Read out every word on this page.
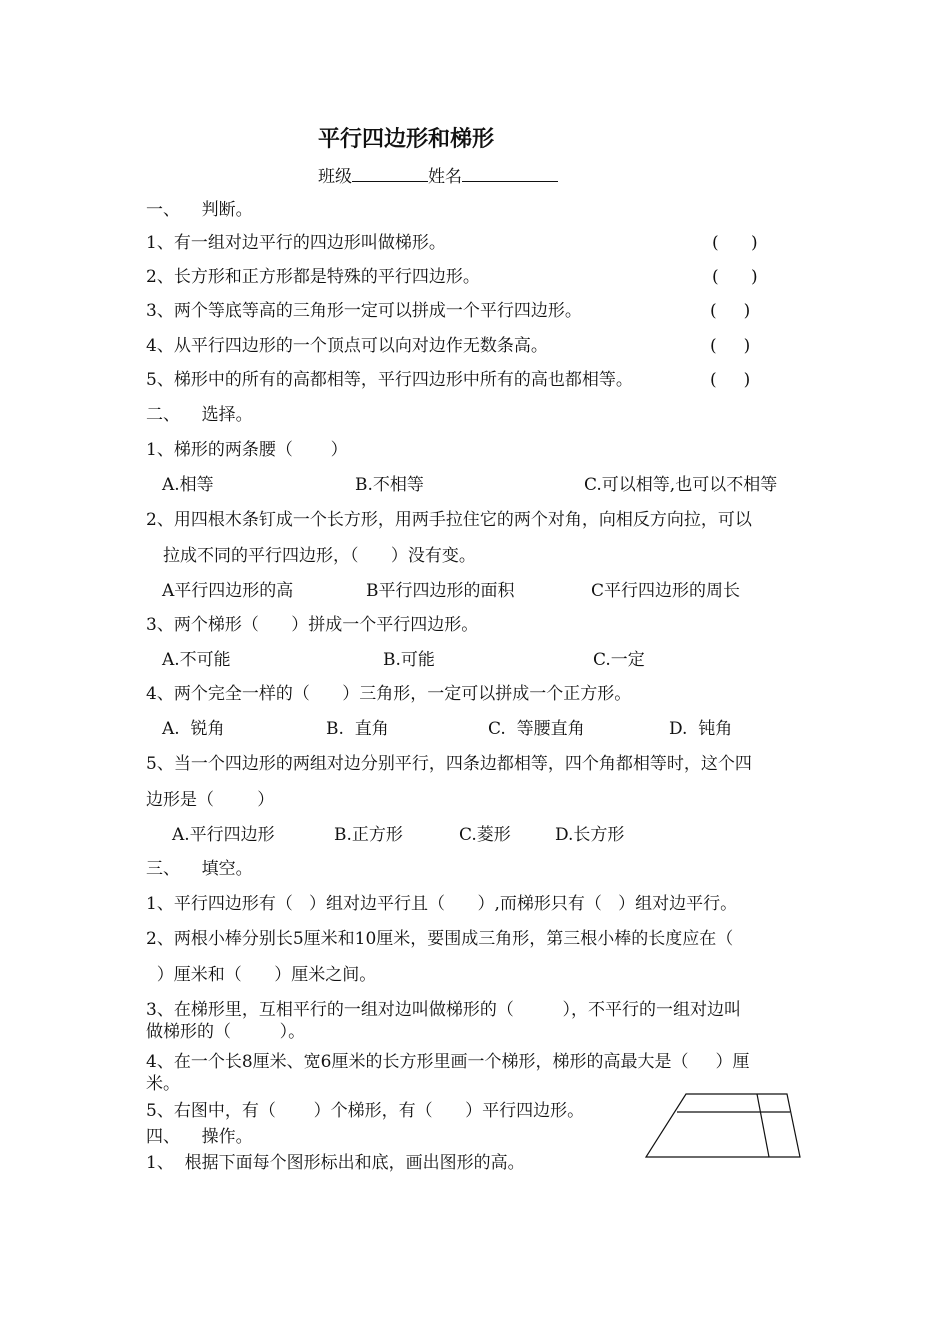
平行四边形和梯形
班级	姓名
一、    判断。
1、有一组对边平行的四边形叫做梯形。	(      )
2、长方形和正方形都是特殊的平行四边形。	(      )
3、两个等底等高的三角形一定可以拼成一个平行四边形。	(     )
4、从平行四边形的一个顶点可以向对边作无数条高。	(     )
5、梯形中的所有的高都相等，平行四边形中所有的高也都相等。	(     )
二、    选择。
1、梯形的两条腰（       ）
A.相等	B.不相等	C.可以相等,也可以不相等
2、用四根木条钉成一个长方形，用两手拉住它的两个对角，向相反方向拉，可以
拉成不同的平行四边形，（      ）没有变。
A平行四边形的高	B平行四边形的面积	C平行四边形的周长
3、两个梯形（      ）拼成一个平行四边形。
A.不可能	B.可能	C.一定
4、两个完全一样的（      ）三角形，一定可以拼成一个正方形。
A.  锐角	B.  直角	C.  等腰直角	D.  钝角
5、当一个四边形的两组对边分别平行，四条边都相等，四个角都相等时，这个四
边形是（        ）
A.平行四边形	B.正方形	C.菱形	D.长方形
三、    填空。
1、平行四边形有（   ）组对边平行且（      ）,而梯形只有（   ）组对边平行。
2、两根小棒分别长5厘米和10厘米，要围成三角形，第三根小棒的长度应在（
）厘米和（      ）厘米之间。
3、在梯形里，互相平行的一组对边叫做梯形的（         ），不平行的一组对边叫
做梯形的（         ）。
4、在一个长8厘米、宽6厘米的长方形里画一个梯形，梯形的高最大是（     ）厘
米。
5、右图中，有（       ）个梯形，有（      ）平行四边形。
四、    操作。
1、  根据下面每个图形标出和底，画出图形的高。
